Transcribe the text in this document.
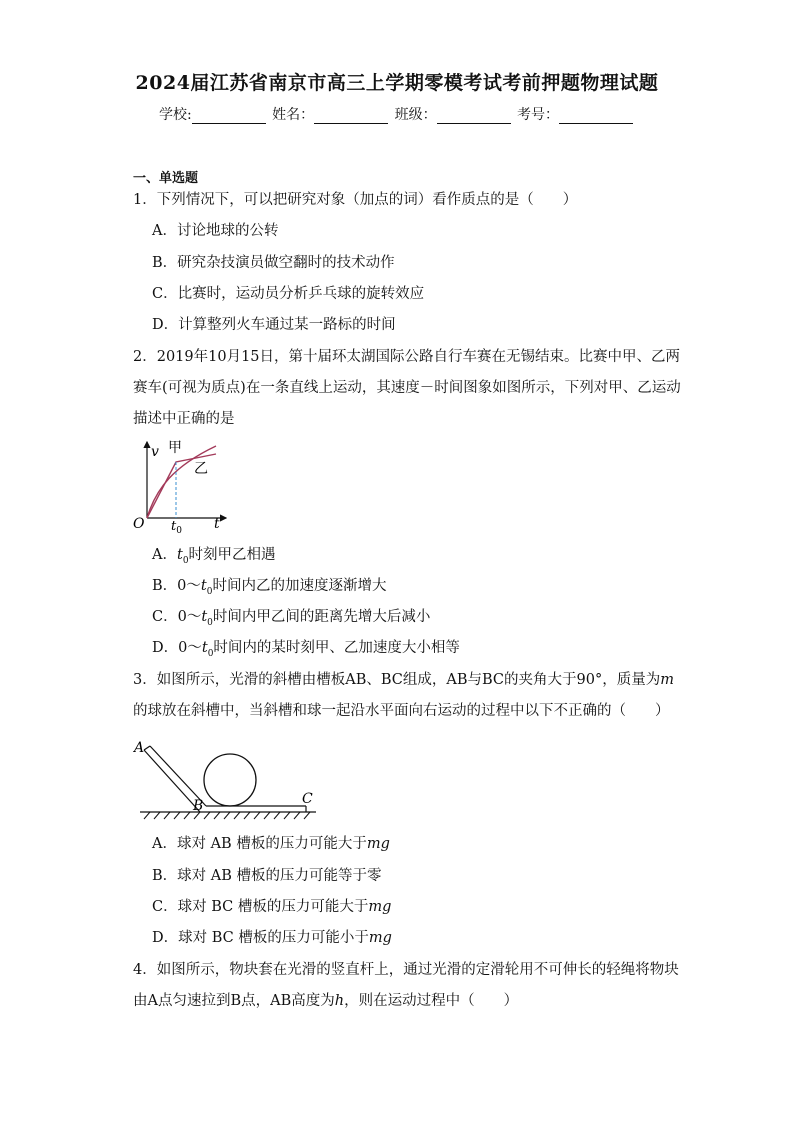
2024届江苏省南京市高三上学期零模考试考前押题物理试题
学校:	姓名：	班级：	考号：
一、单选题
1．下列情况下，可以把研究对象（加点的词）看作质点的是（　　）
A．讨论地球的公转
B．研究杂技演员做空翻时的技术动作
C．比赛时，运动员分析乒乓球的旋转效应
D．计算整列火车通过某一路标的时间
2．2019年10月15日，第十届环太湖国际公路自行车赛在无锡结束。比赛中甲、乙两
赛车(可视为质点)在一条直线上运动，其速度－时间图象如图所示，下列对甲、乙运动
描述中正确的是
v 甲
乙
O $t_0$ t
A．$t_0$时刻甲乙相遇
B．$0\sim t_0$时间内乙的加速度逐渐增大
C．$0\sim t_0$时间内甲乙间的距离先增大后减小
D．$0\sim t_0$时间内的某时刻甲、乙加速度大小相等
3．如图所示，光滑的斜槽由槽板AB、BC组成，AB与BC的夹角大于90°，质量为m
的球放在斜槽中，当斜槽和球一起沿水平面向右运动的过程中以下不正确的（　　）
A
B	C
A．球对 AB 槽板的压力可能大于mg
B．球对 AB 槽板的压力可能等于零
C．球对 BC 槽板的压力可能大于mg
D．球对 BC 槽板的压力可能小于mg
4．如图所示，物块套在光滑的竖直杆上，通过光滑的定滑轮用不可伸长的轻绳将物块
由A点匀速拉到B点，AB高度为h，则在运动过程中（　　）
